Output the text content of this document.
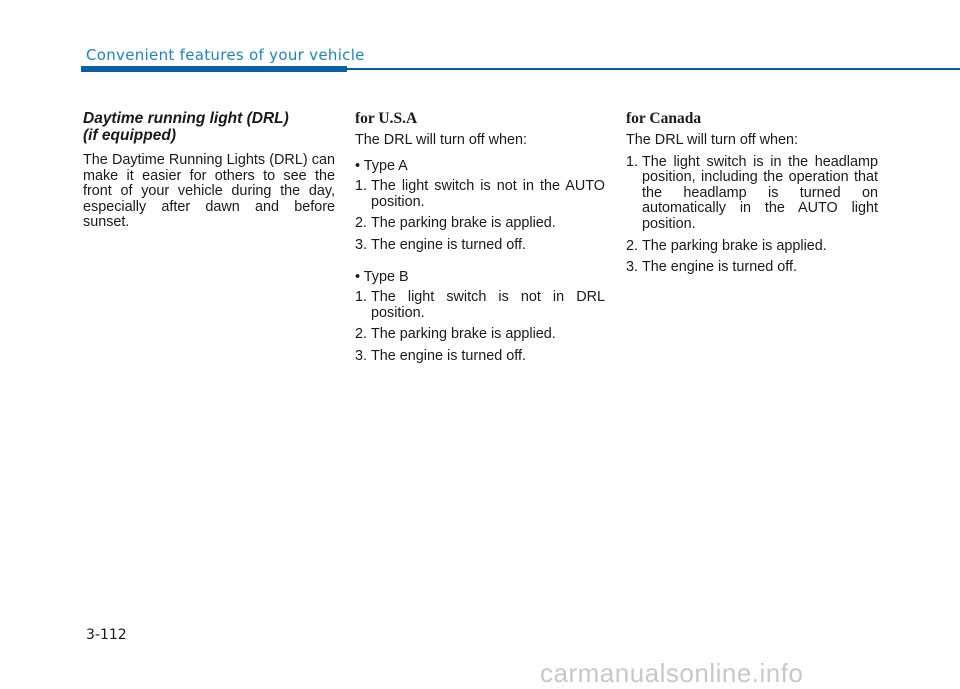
Convenient features of your vehicle
Daytime running light (DRL)
(if equipped)

The Daytime Running Lights (DRL) can make it easier for others to see the front of your vehicle during the day, especially after dawn and before sunset.

for U.S.A

The DRL will turn off when:

• Type A
1. The light switch is not in the AUTO position.
2. The parking brake is applied.
3. The engine is turned off.
• Type B
1. The light switch is not in DRL position.
2. The parking brake is applied.
3. The engine is turned off.
for Canada

The DRL will turn off when:

1. The light switch is in the headlamp position, including the operation that the headlamp is turned on automatically in the AUTO light position.
2. The parking brake is applied.
3. The engine is turned off.
3-112
carmanualsonline.info
